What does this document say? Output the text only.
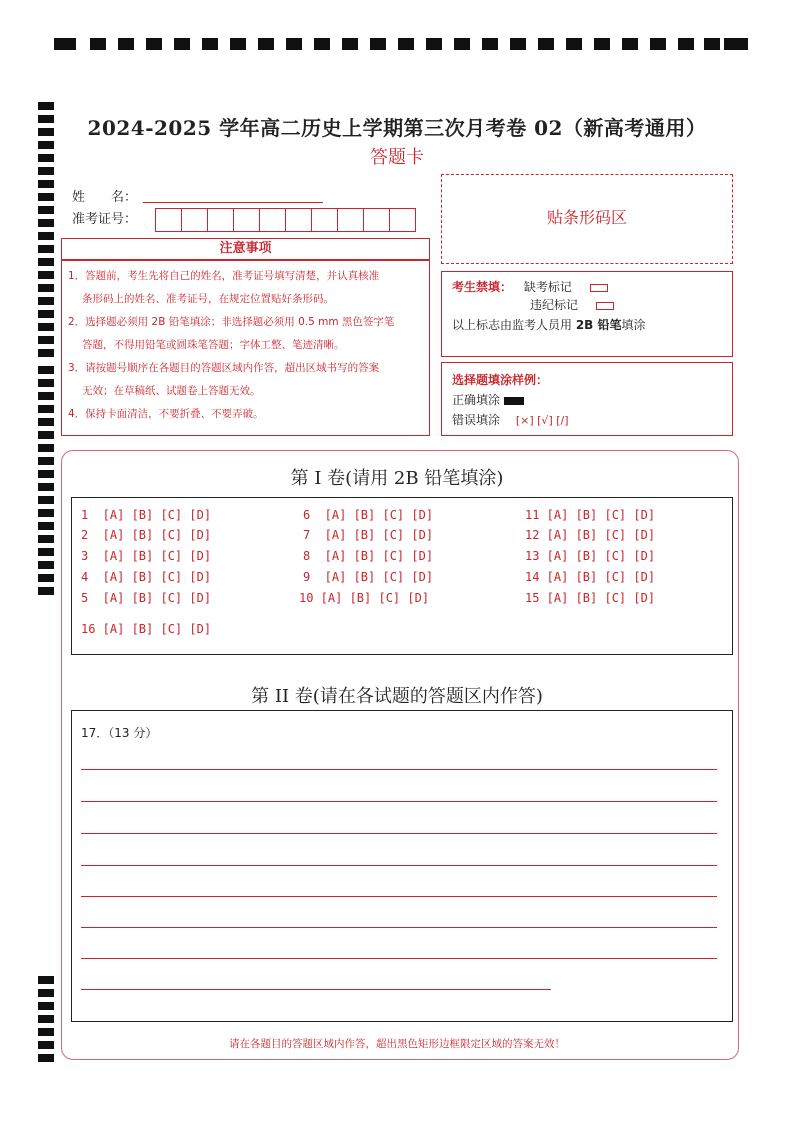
2024-2025 学年高二历史上学期第三次月考卷 02（新高考通用）
答题卡
姓　　名：
准考证号：
注意事项

1．答题前，考生先将自己的姓名，准考证号填写清楚，并认真核准

条形码上的姓名、准考证号，在规定位置贴好条形码。

2．选择题必须用 2B 铅笔填涂；非选择题必须用 0.5 mm 黑色签字笔

答题，不得用铅笔或圆珠笔答题；字体工整、笔迹清晰。

3．请按题号顺序在各题目的答题区域内作答，超出区域书写的答案

无效；在草稿纸、试题卷上答题无效。

4．保持卡面清洁，不要折叠、不要弄破。

贴条形码区
考生禁填： 缺考标记
违纪标记
以上标志由监考人员用 2B 铅笔填涂
选择题填涂样例：
正确填涂
错误填涂 [×] [√] [/]
第 I 卷(请用 2B 铅笔填涂)
1  [A] [B] [C] [D]
2  [A] [B] [C] [D]
3  [A] [B] [C] [D]
4  [A] [B] [C] [D]
5  [A] [B] [C] [D]
6  [A] [B] [C] [D]
7  [A] [B] [C] [D]
8  [A] [B] [C] [D]
9  [A] [B] [C] [D]
10 [A] [B] [C] [D]
11 [A] [B] [C] [D]
12 [A] [B] [C] [D]
13 [A] [B] [C] [D]
14 [A] [B] [C] [D]
15 [A] [B] [C] [D]
16 [A] [B] [C] [D]
第 II 卷(请在各试题的答题区内作答)
17．（13 分）
请在各题目的答题区域内作答，超出黑色矩形边框限定区域的答案无效！
